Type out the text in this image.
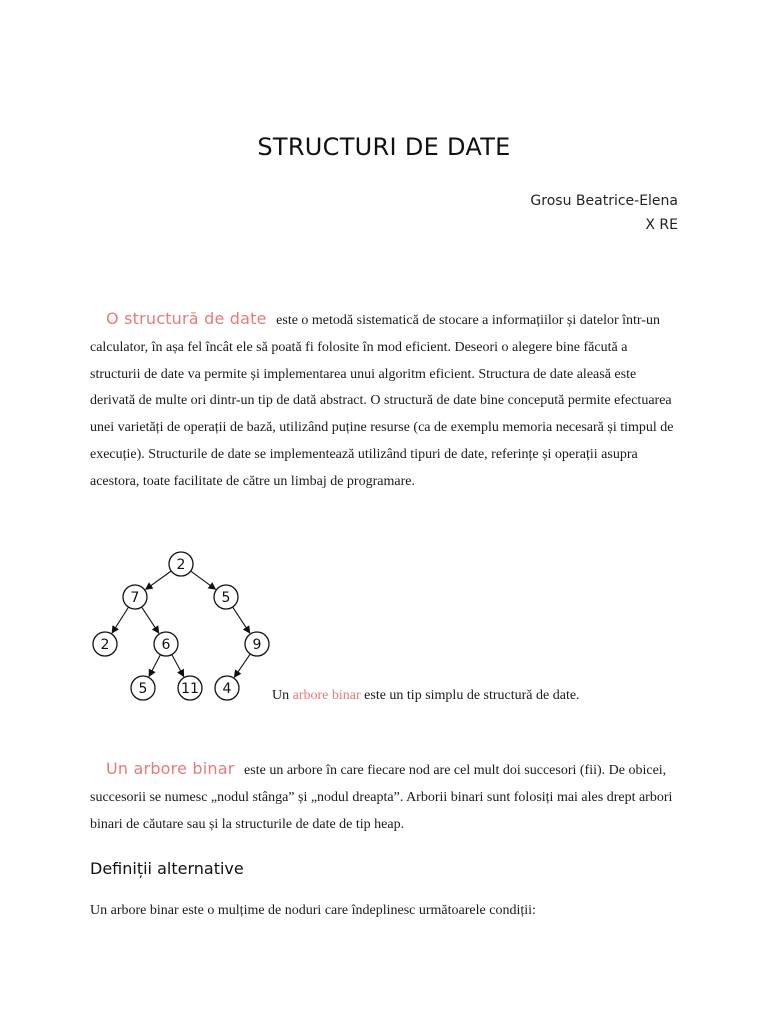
STRUCTURI DE DATE
Grosu Beatrice-Elena
X RE
O structură de date este o metodă sistematică de stocare a informațiilor și datelor într-un calculator, în așa fel încât ele să poată fi folosite în mod eficient. Deseori o alegere bine făcută a structurii de date va permite și implementarea unui algoritm eficient. Structura de date aleasă este derivată de multe ori dintr-un tip de dată abstract. O structură de date bine concepută permite efectuarea unei varietăți de operații de bază, utilizând puține resurse (ca de exemplu memoria necesară și timpul de execuție). Structurile de date se implementează utilizând tipuri de date, referințe și operații asupra acestora, toate facilitate de către un limbaj de programare.
2
7	5
2	6	9
5 11 4	Un arbore binar este un tip simplu de structură de date.
Un arbore binar este un arbore în care fiecare nod are cel mult doi succesori (fii). De obicei, succesorii se numesc „nodul stânga” și „nodul dreapta”. Arborii binari sunt folosiți mai ales drept arbori binari de căutare sau și la structurile de date de tip heap.
Definiții alternative
Un arbore binar este o mulțime de noduri care îndeplinesc următoarele condiții:
